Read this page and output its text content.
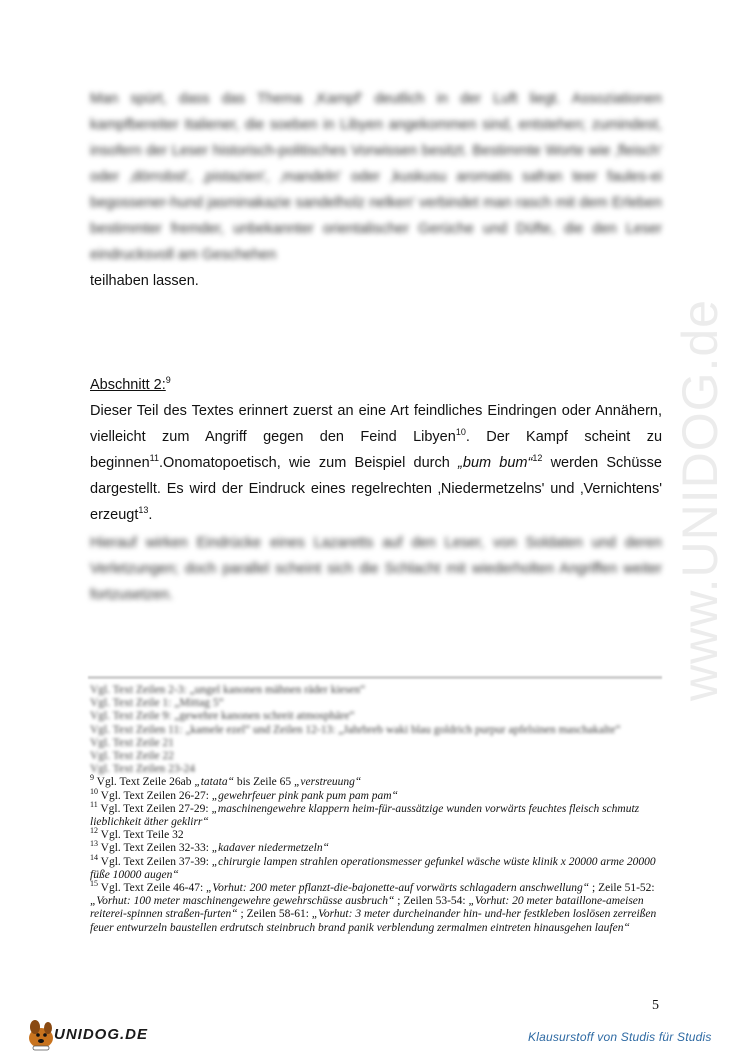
www.UNIDOG.de

Man spürt, dass das Thema ‚Kampf' deutlich in der Luft liegt. Assoziationen kampfbereiter Italiener, die soeben in Libyen angekommen sind, entstehen; zumindest, insofern der Leser historisch-politisches Vorwissen besitzt. Bestimmte Worte wie ‚fleisch' oder ‚dörrobst', ‚pistazien', ‚mandeln' oder ‚kuskusu aromatis safran teer faules-ei begossener-hund jasminakazie sandelholz nelken' verbindet man rasch mit dem Erleben bestimmter fremder, unbekannter orientalischer Gerüche und Düfte, die den Leser eindrucksvoll am Geschehen

teilhaben lassen.

Abschnitt 2:$^9$

Dieser Teil des Textes erinnert zuerst an eine Art feindliches Eindringen oder Annähern, vielleicht zum Angriff gegen den Feind Libyen$^{10}$. Der Kampf scheint zu beginnen$^{11}$.Onomatopoetisch, wie zum Beispiel durch „bum bum“$^{12}$ werden Schüsse dargestellt. Es wird der Eindruck eines regelrechten ‚Niedermetzelns' und ‚Vernichtens' erzeugt$^{13}$.

Hierauf wirken Eindrücke eines Lazaretts auf den Leser, von Soldaten und deren Verletzungen; doch parallel scheint sich die Schlacht mit wiederholten Angriffen weiter fortzusetzen.

Vgl. Text Zeilen 2-3: „ungel kanonen mähnen räder kiesen“

Vgl. Text Zeile 1: „Mittag 5“

Vgl. Text Zeile 9: „gewehre kanonen schreit atmosphäre“

Vgl. Text Zeilen 11: „kamele ezel“ und Zeilen 12-13: „Jahrbreb waki blau goldrich purpur apfelsinen maschakalte“

Vgl. Text Zeile 21

Vgl. Text Zeile 22

Vgl. Text Zeilen 23-24

$^9$ Vgl. Text Zeile 26ab „tatata“ bis Zeile 65 „verstreuung“

$^{10}$ Vgl. Text Zeilen 26-27: „gewehrfeuer pink pank pum pam pam“

$^{11}$ Vgl. Text Zeilen 27-29: „maschinengewehre klappern heim-für-aussätzige wunden vorwärts feuchtes fleisch schmutz lieblichkeit äther geklirr“

$^{12}$ Vgl. Text Teile 32

$^{13}$ Vgl. Text Zeilen 32-33: „kadaver niedermetzeln“

$^{14}$ Vgl. Text Zeilen 37-39: „chirurgie lampen strahlen operationsmesser gefunkel wäsche wüste klinik x 20000 arme 20000 füße 10000 augen“

$^{15}$ Vgl. Text Zeile 46-47: „Vorhut: 200 meter pflanzt-die-bajonette-auf vorwärts schlagadern anschwellung“ ; Zeile 51-52: „Vorhut: 100 meter maschinengewehre gewehrschüsse ausbruch“ ; Zeilen 53-54: „Vorhut: 20 meter bataillone-ameisen reiterei-spinnen straßen-furten“ ; Zeilen 58-61: „Vorhut: 3 meter durcheinander hin- und-her festkleben loslösen zerreißen feuer entwurzeln baustellen erdrutsch steinbruch brand panik verblendung zermalmen eintreten hinausgehen laufen“

5
UNIDOG.DE	Klausurstoff von Studis für Studis
